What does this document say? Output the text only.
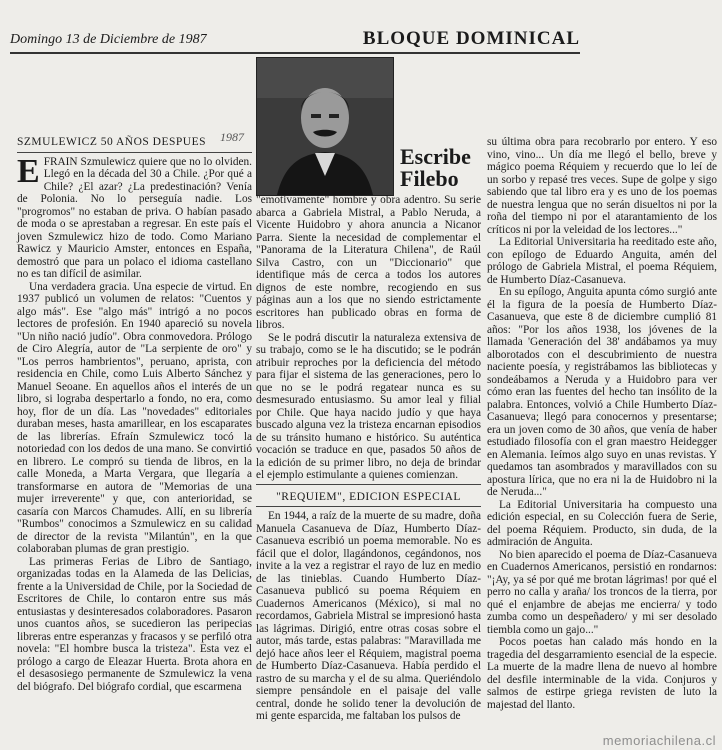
Domingo 13 de Diciembre de 1987	BLOQUE DOMINICAL
Escribe
Filebo
1987
SZMULEWICZ 50 AÑOS DESPUES

EFRAIN Szmulewicz quiere que no lo olviden. Llegó en la década del 30 a Chile. ¿Por qué a Chile? ¿El azar? ¿La predestinación? Venía de Polonia. No lo perseguía nadie. Los "progromos" no estaban de priva. O habían pasado de moda o se aprestaban a regresar. En este país el joven Szmulewicz hizo de todo. Como Mariano Rawicz y Mauricio Amster, entonces en España, demostró que para un polaco el idioma castellano no es tan difícil de asimilar.

Una verdadera gracia. Una especie de virtud. En 1937 publicó un volumen de relatos: "Cuentos y algo más". Ese "algo más" intrigó a no pocos lectores de profesión. En 1940 apareció su novela "Un niño nació judío". Obra conmovedora. Prólogo de Ciro Alegría, autor de "La serpiente de oro" y "Los perros hambrientos", peruano, aprista, con residencia en Chile, como Luis Alberto Sánchez y Manuel Seoane. En aquellos años el interés de un libro, si lograba despertarlo a fondo, no era, como hoy, flor de un día. Las "novedades" editoriales duraban meses, hasta amarillear, en los escaparates de las librerías. Efraín Szmulewicz tocó la notoriedad con los dedos de una mano. Se convirtió en librero. Le compró su tienda de libros, en la calle Moneda, a Marta Vergara, que llegaría a transformarse en autora de "Memorias de una mujer irreverente" y que, con anterioridad, se casaría con Marcos Chamudes. Allí, en su librería "Rumbos" conocimos a Szmulewicz en su calidad de director de la revista "Milantún", en la que colaboraban plumas de gran prestigio.

Las primeras Ferias de Libro de Santiago, organizadas todas en la Alameda de las Delicias, frente a la Universidad de Chile, por la Sociedad de Escritores de Chile, lo contaron entre sus más entusiastas y desinteresados colaboradores. Pasaron unos cuantos años, se sucedieron las peripecias libreras entre esperanzas y fracasos y se perfiló otra novela: "El hombre busca la tristeza". Esta vez el prólogo a cargo de Eleazar Huerta. Brota ahora en el desasosiego permanente de Szmulewicz la vena del biógrafo. Del biógrafo cordial, que escarmena

"emotivamente" hombre y obra adentro. Su serie abarca a Gabriela Mistral, a Pablo Neruda, a Vicente Huidobro y ahora anuncia a Nicanor Parra. Siente la necesidad de complementar el "Panorama de la Literatura Chilena", de Raúl Silva Castro, con un "Diccionario" que identifique más de cerca a todos los autores dignos de este nombre, recogiendo en sus páginas aun a los que no siendo estrictamente escritores han publicado obras en forma de libros.

Se le podrá discutir la naturaleza extensiva de su trabajo, como se le ha discutido; se le podrán atribuir reproches por la deficiencia del método para fijar el sistema de las generaciones, pero lo que no se le podrá regatear nunca es su desmesurado entusiasmo. Su amor leal y filial por Chile. Que haya nacido judío y que haya buscado alguna vez la tristeza encarnan episodios de su tránsito humano e histórico. Su auténtica vocación se traduce en que, pasados 50 años de la edición de su primer libro, no deja de brindar el ejemplo estimulante a quienes comienzan.

"REQUIEM", EDICION ESPECIAL

En 1944, a raíz de la muerte de su madre, doña Manuela Casanueva de Díaz, Humberto Díaz-Casanueva escribió un poema memorable. No es fácil que el dolor, llagándonos, cegándonos, nos invite a la vez a registrar el rayo de luz en medio de las tinieblas. Cuando Humberto Díaz-Casanueva publicó su poema Réquiem en Cuadernos Americanos (México), si mal no recordamos, Gabriela Mistral se impresionó hasta las lágrimas. Dirigió, entre otras cosas sobre el autor, más tarde, estas palabras: "Maravillada me dejó hace años leer el Réquiem, magistral poema de Humberto Díaz-Casanueva. Había perdido el rastro de su marcha y el de su alma. Queriéndolo siempre pensándole en el paisaje del valle central, donde he solido tener la devolución de mi gente esparcida, me faltaban los pulsos de

su última obra para recobrarlo por entero. Y eso vino, vino... Un día me llegó el bello, breve y mágico poema Réquiem y recuerdo que lo leí de un sorbo y repasé tres veces. Supe de golpe y sigo sabiendo que tal libro era y es uno de los poemas de nuestra lengua que no serán disueltos ni por la roña del tiempo ni por el atarantamiento de los críticos ni por la veleidad de los lectores..."

La Editorial Universitaria ha reeditado este año, con epílogo de Eduardo Anguita, amén del prólogo de Gabriela Mistral, el poema Réquiem, de Humberto Díaz-Casanueva.

En su epílogo, Anguita apunta cómo surgió ante él la figura de la poesía de Humberto Díaz-Casanueva, que este 8 de diciembre cumplió 81 años: "Por los años 1938, los jóvenes de la llamada 'Generación del 38' andábamos ya muy alborotados con el descubrimiento de nuestra naciente poesía, y registrábamos las bibliotecas y sondeábamos a Neruda y a Huidobro para ver cómo eran las fuentes del hecho tan insólito de la palabra. Entonces, volvió a Chile Humberto Díaz-Casanueva; llegó para conocernos y presentarse; era un joven como de 30 años, que venía de haber estudiado filosofía con el gran maestro Heidegger en Alemania. Ieímos algo suyo en unas revistas. Y quedamos tan asombrados y maravillados con su apostura lírica, que no era ni la de Huidobro ni la de Neruda..."

La Editorial Universitaria ha compuesto una edición especial, en su Colección fuera de Serie, del poema Réquiem. Producto, sin duda, de la admiración de Anguita.

No bien aparecido el poema de Díaz-Casanueva en Cuadernos Americanos, persistió en rondarnos: "¡Ay, ya sé por qué me brotan lágrimas! por qué el perro no calla y araña/ los troncos de la tierra, por qué el enjambre de abejas me encierra/ y todo zumba como un despeñadero/ y mi ser desolado tiembla como un gajo..."

Pocos poetas han calado más hondo en la tragedia del desgarramiento esencial de la especie. La muerte de la madre llena de nuevo al hombre del desfile interminable de la vida. Conjuros y salmos de estirpe griega revisten de luto la majestad del llanto.

memoriachilena.cl
